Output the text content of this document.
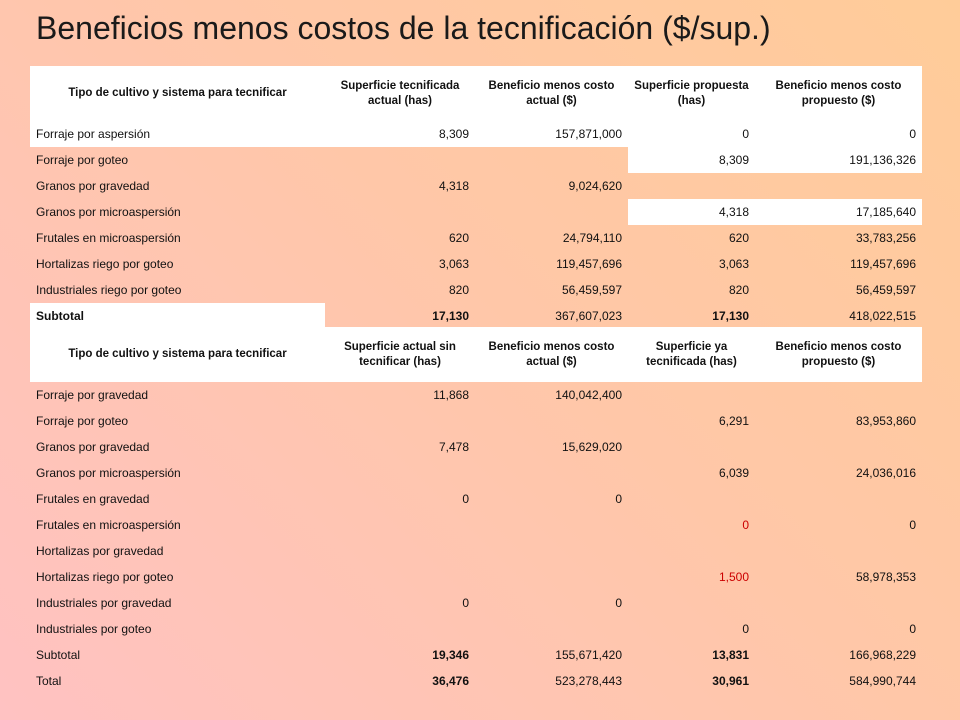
Beneficios menos costos de la tecnificación ($/sup.)
Tipo de cultivo y sistema para tecnificar	Superficie tecnificada actual (has)	Beneficio menos costo actual ($)	Superficie propuesta (has)	Beneficio menos costo propuesto ($)
Forraje por aspersión	8,309	157,871,000	0	0
Forraje por goteo			8,309	191,136,326
Granos por gravedad	4,318	9,024,620		
Granos por microaspersión			4,318	17,185,640
Frutales en microaspersión	620	24,794,110	620	33,783,256
Hortalizas riego por goteo	3,063	119,457,696	3,063	119,457,696
Industriales riego por goteo	820	56,459,597	820	56,459,597
Subtotal	17,130	367,607,023	17,130	418,022,515
Tipo de cultivo y sistema para tecnificar	Superficie actual sin tecnificar (has)	Beneficio menos costo actual ($)	Superficie ya tecnificada (has)	Beneficio menos costo propuesto ($)
Forraje por gravedad	11,868	140,042,400		
Forraje por goteo			6,291	83,953,860
Granos por gravedad	7,478	15,629,020		
Granos por microaspersión			6,039	24,036,016
Frutales en gravedad	0	0		
Frutales en microaspersión			0	0
Hortalizas por gravedad				
Hortalizas riego por goteo			1,500	58,978,353
Industriales por gravedad	0	0		
Industriales por goteo			0	0
Subtotal	19,346	155,671,420	13,831	166,968,229
Total	36,476	523,278,443	30,961	584,990,744
